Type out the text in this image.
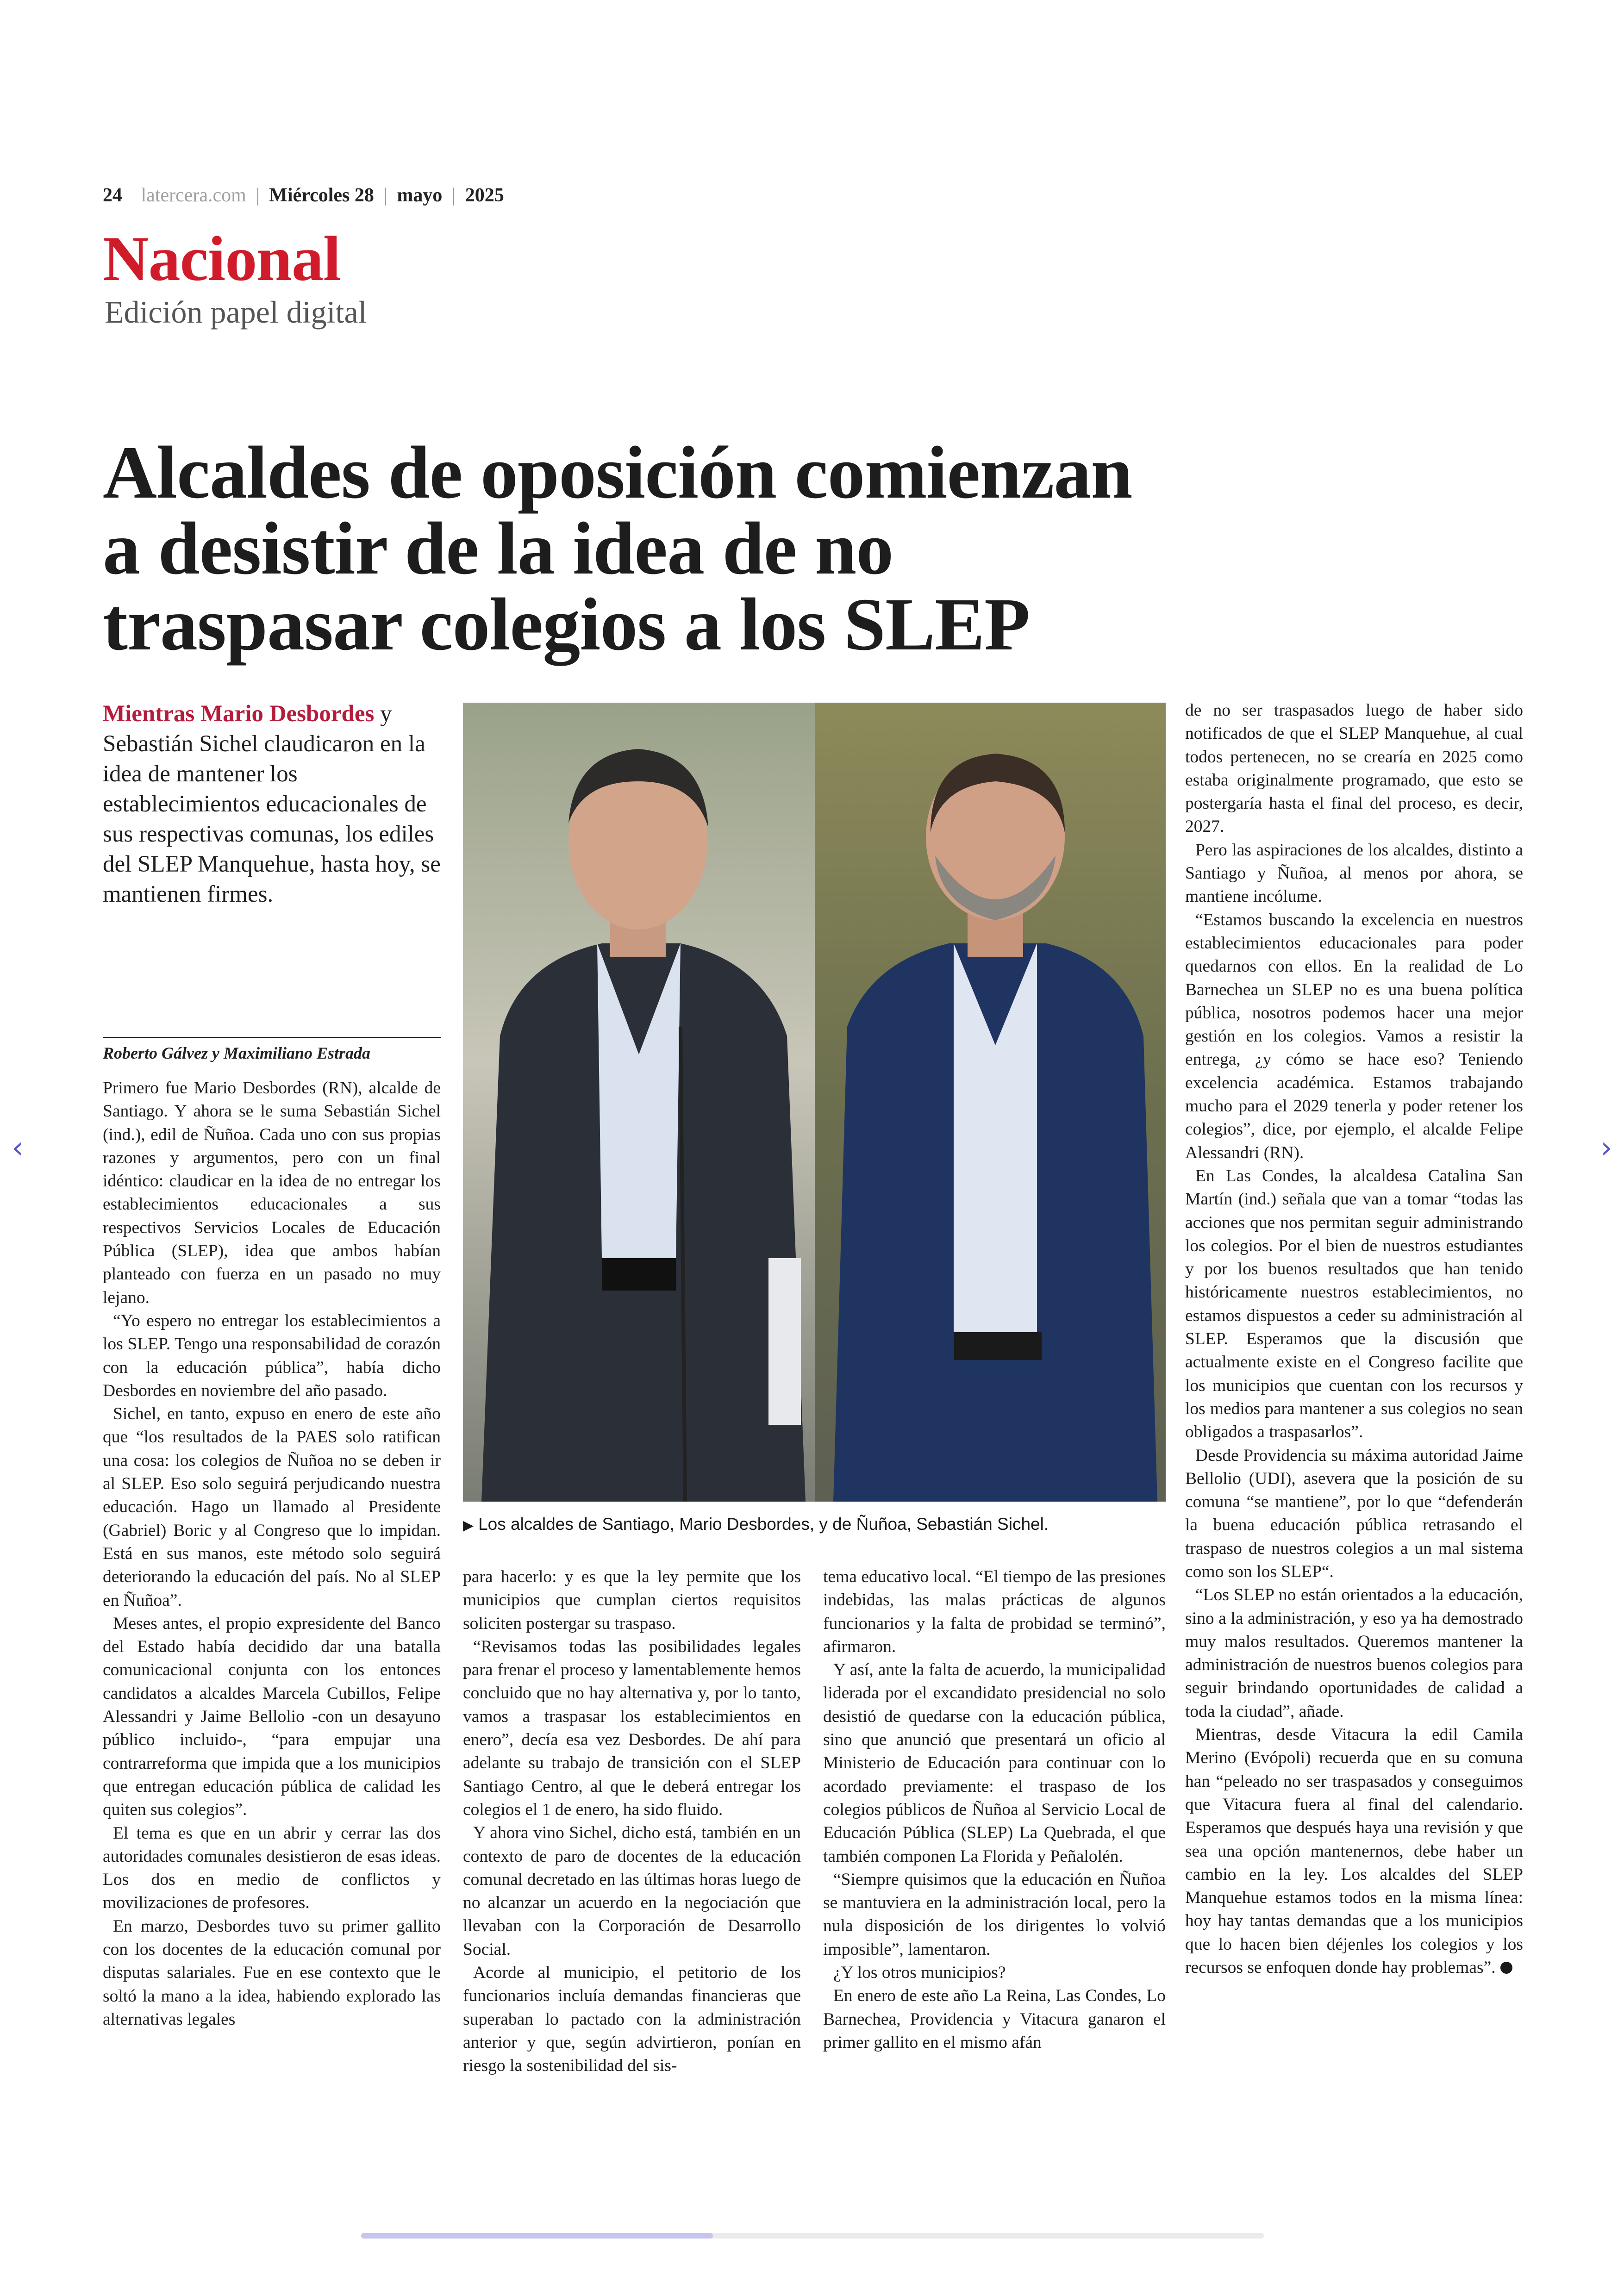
24 latercera.com | Miércoles 28 | mayo | 2025
Nacional
Edición papel digital
Alcaldes de oposición comienzan
a desistir de la idea de no
traspasar colegios a los SLEP
Mientras Mario Desbordes y Sebastián Sichel claudicaron en la idea de mantener los establecimientos educacionales de sus respectivas comunas, los ediles del SLEP Manquehue, hasta hoy, se mantienen firmes.
Roberto Gálvez y Maximiliano Estrada

Primero fue Mario Desbordes (RN), alcalde de Santiago. Y ahora se le suma Sebastián Sichel (ind.), edil de Ñuñoa. Cada uno con sus propias razones y argumentos, pero con un final idéntico: claudicar en la idea de no entregar los establecimientos educacionales a sus respectivos Servicios Locales de Educación Pública (SLEP), idea que ambos habían planteado con fuerza en un pasado no muy lejano.

“Yo espero no entregar los establecimientos a los SLEP. Tengo una responsabilidad de corazón con la educación pública”, había dicho Desbordes en noviembre del año pasado.

Sichel, en tanto, expuso en enero de este año que “los resultados de la PAES solo ratifican una cosa: los colegios de Ñuñoa no se deben ir al SLEP. Eso solo seguirá perjudicando nuestra educación. Hago un llamado al Presidente (Gabriel) Boric y al Congreso que lo impidan. Está en sus manos, este método solo seguirá deteriorando la educación del país. No al SLEP en Ñuñoa”.

Meses antes, el propio expresidente del Banco del Estado había decidido dar una batalla comunicacional conjunta con los entonces candidatos a alcaldes Marcela Cubillos, Felipe Alessandri y Jaime Bellolio -con un desayuno público incluido-, “para empujar una contrarreforma que impida que a los municipios que entregan educación pública de calidad les quiten sus colegios”.

El tema es que en un abrir y cerrar las dos autoridades comunales desistieron de esas ideas. Los dos en medio de conflictos y movilizaciones de profesores.

En marzo, Desbordes tuvo su primer gallito con los docentes de la educación comunal por disputas salariales. Fue en ese contexto que le soltó la mano a la idea, habiendo explorado las alternativas legales

▶ Los alcaldes de Santiago, Mario Desbordes, y de Ñuñoa, Sebastián Sichel.

para hacerlo: y es que la ley permite que los municipios que cumplan ciertos requisitos soliciten postergar su traspaso.

“Revisamos todas las posibilidades legales para frenar el proceso y lamentablemente hemos concluido que no hay alternativa y, por lo tanto, vamos a traspasar los establecimientos en enero”, decía esa vez Desbordes. De ahí para adelante su trabajo de transición con el SLEP Santiago Centro, al que le deberá entregar los colegios el 1 de enero, ha sido fluido.

Y ahora vino Sichel, dicho está, también en un contexto de paro de docentes de la educación comunal decretado en las últimas horas luego de no alcanzar un acuerdo en la negociación que llevaban con la Corporación de Desarrollo Social.

Acorde al municipio, el petitorio de los funcionarios incluía demandas financieras que superaban lo pactado con la administración anterior y que, según advirtieron, ponían en riesgo la sostenibilidad del sis-

tema educativo local. “El tiempo de las presiones indebidas, las malas prácticas de algunos funcionarios y la falta de probidad se terminó”, afirmaron.

Y así, ante la falta de acuerdo, la municipalidad liderada por el excandidato presidencial no solo desistió de quedarse con la educación pública, sino que anunció que presentará un oficio al Ministerio de Educación para continuar con lo acordado previamente: el traspaso de los colegios públicos de Ñuñoa al Servicio Local de Educación Pública (SLEP) La Quebrada, el que también componen La Florida y Peñalolén.

“Siempre quisimos que la educación en Ñuñoa se mantuviera en la administración local, pero la nula disposición de los dirigentes lo volvió imposible”, lamentaron.

¿Y los otros municipios?

En enero de este año La Reina, Las Condes, Lo Barnechea, Providencia y Vitacura ganaron el primer gallito en el mismo afán

de no ser traspasados luego de haber sido notificados de que el SLEP Manquehue, al cual todos pertenecen, no se crearía en 2025 como estaba originalmente programado, que esto se postergaría hasta el final del proceso, es decir, 2027.

Pero las aspiraciones de los alcaldes, distinto a Santiago y Ñuñoa, al menos por ahora, se mantiene incólume.

“Estamos buscando la excelencia en nuestros establecimientos educacionales para poder quedarnos con ellos. En la realidad de Lo Barnechea un SLEP no es una buena política pública, nosotros podemos hacer una mejor gestión en los colegios. Vamos a resistir la entrega, ¿y cómo se hace eso? Teniendo excelencia académica. Estamos trabajando mucho para el 2029 tenerla y poder retener los colegios”, dice, por ejemplo, el alcalde Felipe Alessandri (RN).

En Las Condes, la alcaldesa Catalina San Martín (ind.) señala que van a tomar “todas las acciones que nos permitan seguir administrando los colegios. Por el bien de nuestros estudiantes y por los buenos resultados que han tenido históricamente nuestros establecimientos, no estamos dispuestos a ceder su administración al SLEP. Esperamos que la discusión que actualmente existe en el Congreso facilite que los municipios que cuentan con los recursos y los medios para mantener a sus colegios no sean obligados a traspasarlos”.

Desde Providencia su máxima autoridad Jaime Bellolio (UDI), asevera que la posición de su comuna “se mantiene”, por lo que “defenderán la buena educación pública retrasando el traspaso de nuestros colegios a un mal sistema como son los SLEP“.

“Los SLEP no están orientados a la educación, sino a la administración, y eso ya ha demostrado muy malos resultados. Queremos mantener la administración de nuestros buenos colegios para seguir brindando oportunidades de calidad a toda la ciudad”, añade.

Mientras, desde Vitacura la edil Camila Merino (Evópoli) recuerda que en su comuna han “peleado no ser traspasados y conseguimos que Vitacura fuera al final del calendario. Esperamos que después haya una revisión y que sea una opción mantenernos, debe haber un cambio en la ley. Los alcaldes del SLEP Manquehue estamos todos en la misma línea: hoy hay tantas demandas que a los municipios que lo hacen bien déjenles los colegios y los recursos se enfoquen donde hay problemas”.

‹	›
